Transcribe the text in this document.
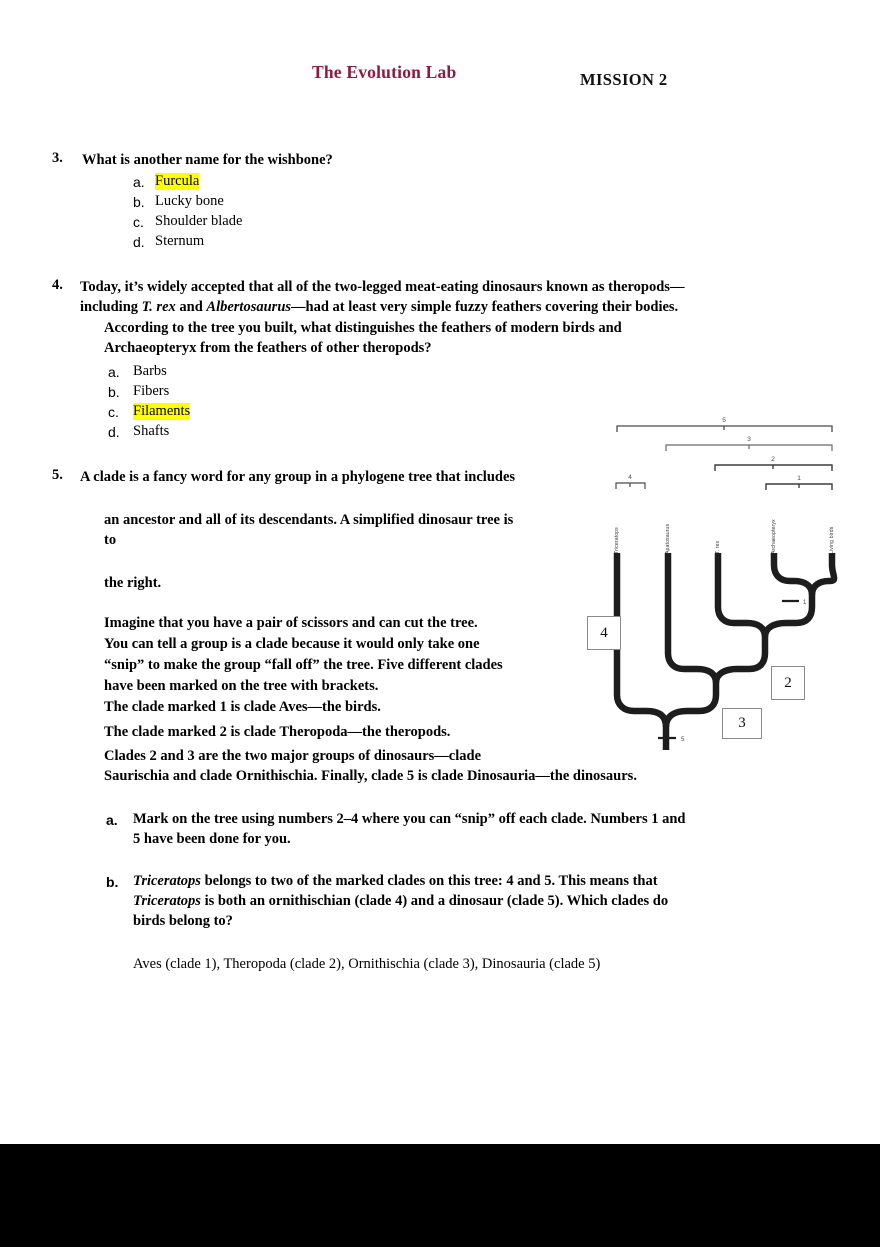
The Evolution Lab	MISSION 2
3. What is another name for the wishbone?
a. Furcula
b. Lucky bone
c. Shoulder blade
d. Sternum
4. Today, it’s widely accepted that all of the two-legged meat-eating dinosaurs known as theropods—
including T. rex and Albertosaurus—had at least very simple fuzzy feathers covering their bodies.
According to the tree you built, what distinguishes the feathers of modern birds and
Archaeopteryx from the feathers of other theropods?
a. Barbs
b. Fibers
c. Filaments
d. Shafts
5. A clade is a fancy word for any group in a phylogene tree that includes
an ancestor and all of its descendants. A simplified dinosaur tree is
to
the right.
Imagine that you have a pair of scissors and can cut the tree.
You can tell a group is a clade because it would only take one
“snip” to make the group “fall off” the tree. Five different clades
have been marked on the tree with brackets.
The clade marked 1 is clade Aves—the birds.
The clade marked 2 is clade Theropoda—the theropods.
Clades 2 and 3 are the two major groups of dinosaurs—clade
Saurischia and clade Ornithischia. Finally, clade 5 is clade Dinosauria—the dinosaurs.
a. Mark on the tree using numbers 2–4 where you can “snip” off each clade. Numbers 1 and
5 have been done for you.
b. Triceratops belongs to two of the marked clades on this tree: 4 and 5. This means that
Triceratops is both an ornithischian (clade 4) and a dinosaur (clade 5). Which clades do
birds belong to?
Aves (clade 1), Theropoda (clade 2), Ornithischia (clade 3), Dinosauria (clade 5)
5
3
2
1
4
5
1
Triceratops	Apatosaurus	T. rex	Archaeopteryx	Living birds
4
2
3
